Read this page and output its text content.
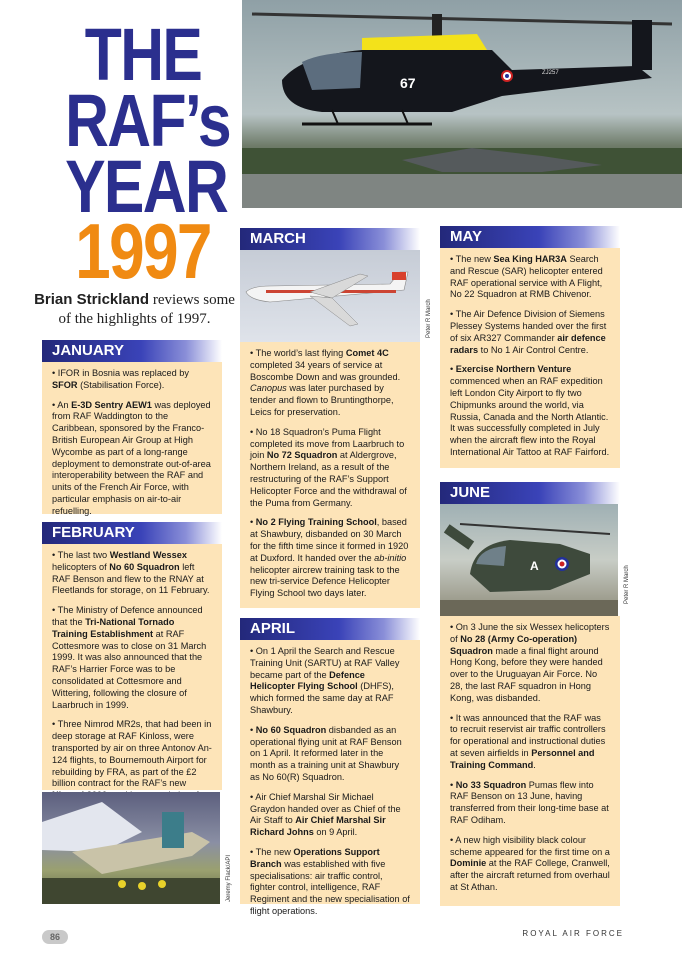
THE
RAF’s
YEAR
1997
Brian Strickland reviews some of the highlights of 1997.
67
ZJ257
JANUARY

• IFOR in Bosnia was replaced by SFOR (Stabilisation Force).

• An E-3D Sentry AEW1 was deployed from RAF Waddington to the Caribbean, sponsored by the Franco-British European Air Group at High Wycombe as part of a long-range deployment to demonstrate out-of-area interoperability between the RAF and units of the French Air Force, with particular emphasis on air-to-air refuelling.

FEBRUARY

• The last two Westland Wessex helicopters of No 60 Squadron left RAF Benson and flew to the RNAY at Fleetlands for storage, on 11 February.

• The Ministry of Defence announced that the Tri-National Tornado Training Establishment at RAF Cottesmore was to close on 31 March 1999. It was also announced that the RAF’s Harrier Force was to be consolidated at Cottesmore and Wittering, following the closure of Laarbruch in 1999.

• Three Nimrod MR2s, that had been in deep storage at RAF Kinloss, were transported by air on three Antonov An-124 flights, to Bournemouth Airport for rebuilding by FRA, as part of the £2 billion contract for the RAF’s new

Jeremy Flack/API
MARCH
Peter R March

• The world’s last flying Comet 4C completed 34 years of service at Boscombe Down and was grounded. Canopus was later purchased by tender and flown to Bruntingthorpe, Leics for preservation.

• No 18 Squadron’s Puma Flight completed its move from Laarbruch to join No 72 Squadron at Aldergrove, Northern Ireland, as a result of the restructuring of the RAF’s Support Helicopter Force and the withdrawal of the Puma from Germany.

• No 2 Flying Training School, based at Shawbury, disbanded on 30 March for the fifth time since it formed in 1920 at Duxford. It handed over the ab-initio helicopter aircrew training task to the new tri-service Defence Helicopter Flying School two days later.

APRIL

• On 1 April the Search and Rescue Training Unit (SARTU) at RAF Valley became part of the Defence Helicopter Flying School (DHFS), which formed the same day at RAF Shawbury.

• No 60 Squadron disbanded as an operational flying unit at RAF Benson on 1 April. It reformed later in the month as a training unit at Shawbury as No 60(R) Squadron.

• Air Chief Marshal Sir Michael Graydon handed over as Chief of the Air Staff to Air Chief Marshal Sir Richard Johns on 9 April.

• The new Operations Support Branch was established with five specialisations: air traffic control, fighter control, intelligence, RAF Regiment and the new specialisation of flight operations.

MAY

• The new Sea King HAR3A Search and Rescue (SAR) helicopter entered RAF operational service with A Flight, No 22 Squadron at RMB Chivenor.

• The Air Defence Division of Siemens Plessey Systems handed over the first of six AR327 Commander air defence radars to No 1 Air Control Centre.

• Exercise Northern Venture commenced when an RAF expedition left London City Airport to fly two Chipmunks around the world, via Russia, Canada and the North Atlantic. It was successfully completed in July when the aircraft flew into the Royal International Air Tattoo at RAF Fairford.

JUNE
A	Peter R March

• On 3 June the six Wessex helicopters of No 28 (Army Co-operation) Squadron made a final flight around Hong Kong, before they were handed over to the Uruguayan Air Force. No 28, the last RAF squadron in Hong Kong, was disbanded.

• It was announced that the RAF was to recruit reservist air traffic controllers for operational and instructional duties at seven airfields in Personnel and Training Command.

• No 33 Squadron Pumas flew into RAF Benson on 13 June, having transferred from their long-time base at RAF Odiham.

• A new high visibility black colour scheme appeared for the first time on a Dominie at the RAF College, Cranwell, after the aircraft returned from overhaul at St Athan.

86	ROYAL AIR FORCE
